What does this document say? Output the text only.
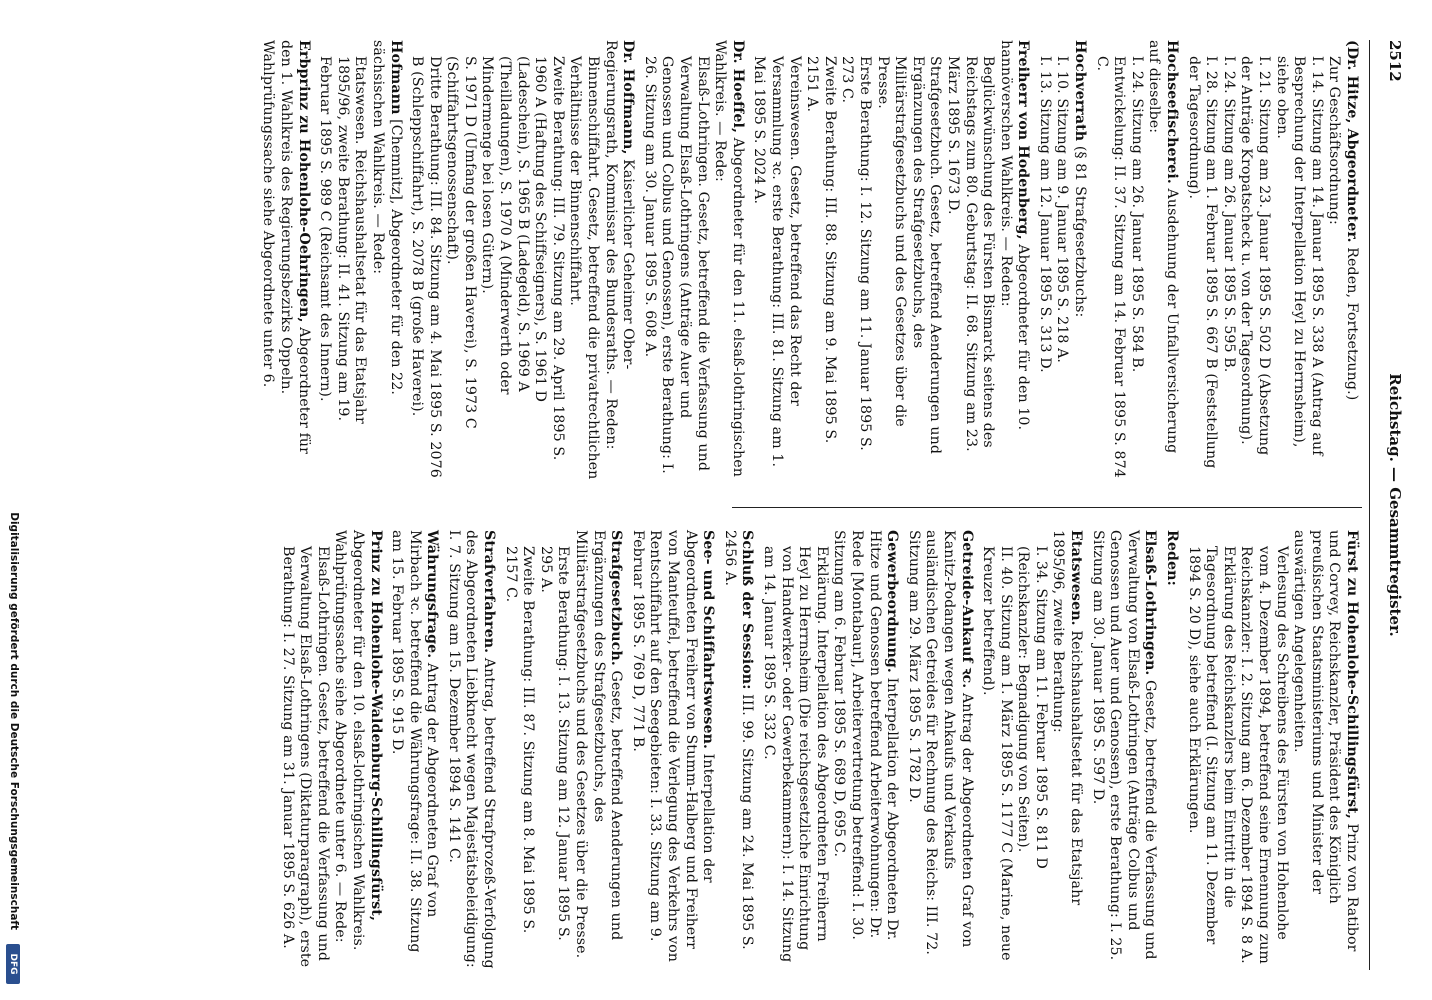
2512
Reichstag. — Gesammtregister.

(Dr. Hitze, Abgeordneter. Reden, Fortsetzung.)

Zur Geschäftsordnung:

I. 14. Sitzung am 14. Januar 1895 S. 338 A (Antrag auf Besprechung der Interpellation Heyl zu Herrnsheim), siehe oben.

I. 21. Sitzung am 23. Januar 1895 S. 502 D (Absetzung der Anträge Kropatscheck u. von der Tagesordnung).

I. 24. Sitzung am 26. Januar 1895 S. 595 B.

I. 28. Sitzung am 1. Februar 1895 S. 667 B (Feststellung der Tagesordnung).

Hochseefischerei. Ausdehnung der Unfallversicherung auf dieselbe:

I. 24. Sitzung am 26. Januar 1895 S. 584 B.

Entwickelung: II. 37. Sitzung am 14. Februar 1895 S. 874 C.

Hochverrath (§ 81 Strafgesetzbuchs:

I. 10. Sitzung am 9. Januar 1895 S. 218 A.

I. 13. Sitzung am 12. Januar 1895 S. 313 D.

Freiherr von Hodenberg, Abgeordneter für den 10. hannöverschen Wahlkreis. — Reden:

Beglückwünschung des Fürsten Bismarck seitens des Reichstags zum 80. Geburtstag: II. 68. Sitzung am 23. März 1895 S. 1673 D.

Strafgesetzbuch. Gesetz, betreffend Aenderungen und Ergänzungen des Strafgesetzbuchs, des Militärstrafgesetzbuchs und des Gesetzes über die Presse.

Erste Berathung: I. 12. Sitzung am 11. Januar 1895 S. 273 C.

Zweite Berathung: III. 88. Sitzung am 9. Mai 1895 S. 2151 A.

Vereinswesen. Gesetz, betreffend das Recht der Versammlung ꝛc. erste Berathung: III. 81. Sitzung am 1. Mai 1895 S. 2024 A.

Dr. Hoeffel, Abgeordneter für den 11. elsaß-lothringischen Wahlkreis. — Rede:

Elsaß-Lothringen. Gesetz, betreffend die Verfassung und Verwaltung Elsaß-Lothringens (Anträge Auer und Genossen und Colbus und Genossen), erste Berathung: I. 26. Sitzung am 30. Januar 1895 S. 608 A.

Dr. Hoffmann, Kaiserlicher Geheimer Ober-Regierungsrath, Kommissar des Bundesraths. — Reden:

Binnenschiffahrt. Gesetz, betreffend die privatrechtlichen Verhältnisse der Binnenschiffahrt.

Zweite Berathung: III. 79. Sitzung am 29. April 1895 S. 1960 A (Haftung des Schiffseigners), S. 1961 D (Ladeschein), S. 1965 B (Ladegeld), S. 1969 A (Theilladungen), S. 1970 A (Minderwerth oder Mindermenge bei losen Gütern).

S. 1971 D (Umfang der großen Haverei), S. 1973 C (Schiffahrtsgenossenschaft).

Dritte Berathung: III. 84. Sitzung am 4. Mai 1895 S. 2076 B (Schleppschiffahrt), S. 2078 B (große Haverei).

Hofmann [Chemnitz], Abgeordneter für den 22. sächsischen Wahlkreis. — Rede:

Etatswesen. Reichshaushaltsetat für das Etatsjahr 1895/96, zweite Berathung: II. 41. Sitzung am 19. Februar 1895 S. 989 C (Reichsamt des Innern).

Erbprinz zu Hohenlohe-Oehringen, Abgeordneter für den 1. Wahlkreis des Regierungsbezirks Oppeln. Wahlprüfungssache siehe Abgeordnete unter 6.

Fürst zu Hohenlohe-Schillingsfürst, Prinz von Ratibor und Corvey, Reichskanzler, Präsident des Königlich preußischen Staatsministeriums und Minister der auswärtigen Angelegenheiten.

Verlesung des Schreibens des Fürsten von Hohenlohe vom 4. Dezember 1894, betreffend seine Ernennung zum Reichskanzler: I. 2. Sitzung am 6. Dezember 1894 S. 8 A.

Erklärung des Reichskanzlers beim Eintritt in die Tagesordnung betreffend (I. Sitzung am 11. Dezember 1894 S. 20 D), siehe auch Erklärungen.

Reden:

Elsaß-Lothringen. Gesetz, betreffend die Verfassung und Verwaltung von Elsaß-Lothringen (Anträge Colbus und Genossen und Auer und Genossen), erste Berathung: I. 25. Sitzung am 30. Januar 1895 S. 597 D.

Etatswesen. Reichshaushaltsetat für das Etatsjahr 1895/96, zweite Berathung:

I. 34. Sitzung am 11. Februar 1895 S. 811 D (Reichskanzler: Begnadigung von Seiten).

II. 40. Sitzung am 1. März 1895 S. 1177 C (Marine, neue Kreuzer betreffend).

Getreide-Ankauf ꝛc. Antrag der Abgeordneten Graf von Kanitz-Podangen wegen Ankaufs und Verkaufs ausländischen Getreides für Rechnung des Reichs: III. 72. Sitzung am 29. März 1895 S. 1782 D.

Gewerbeordnung. Interpellation der Abgeordneten Dr. Hitze und Genossen betreffend Arbeiterwohnungen: Dr. Rede [Montabaur], Arbeitervertretung betreffend: I. 30. Sitzung am 6. Februar 1895 S. 689 D, 695 C.

Erklärung. Interpellation des Abgeordneten Freiherrn Heyl zu Herrnsheim (Die reichsgesetzliche Einrichtung von Handwerker- oder Gewerbekammern): I. 14. Sitzung am 14. Januar 1895 S. 332 C.

Schluß der Session: III. 99. Sitzung am 24. Mai 1895 S. 2456 A.

See- und Schiffahrtswesen. Interpellation der Abgeordneten Freiherr von Stumm-Halberg und Freiherr von Manteuffel, betreffend die Verlegung des Verkehrs von Rentschiffahrt auf den Seegebieten: I. 33. Sitzung am 9. Februar 1895 S. 769 D, 771 B.

Strafgesetzbuch. Gesetz, betreffend Aenderungen und Ergänzungen des Strafgesetzbuchs, des Militärstrafgesetzbuchs und des Gesetzes über die Presse.

Erste Berathung: I. 13. Sitzung am 12. Januar 1895 S. 295 A.

Zweite Berathung: III. 87. Sitzung am 8. Mai 1895 S. 2157 C.

Strafverfahren. Antrag, betreffend Strafprozeß-Verfolgung des Abgeordneten Liebknecht wegen Majestätsbeleidigung: I. 7. Sitzung am 15. Dezember 1894 S. 141 C.

Währungsfrage. Antrag der Abgeordneten Graf von Mirbach ꝛc. betreffend die Währungsfrage: II. 38. Sitzung am 15. Februar 1895 S. 915 D.

Prinz zu Hohenlohe-Waldenburg-Schillingsfürst, Abgeordneter für den 10. elsaß-lothringischen Wahlkreis. Wahlprüfungssache siehe Abgeordnete unter 6. — Rede:

Elsaß-Lothringen. Gesetz, betreffend die Verfassung und Verwaltung Elsaß-Lothringens (Diktaturparagraph), erste Berathung: I. 27. Sitzung am 31. Januar 1895 S. 626 A.

Digitalisierung gefördert durch die Deutsche Forschungsgemeinschaft
DFG
